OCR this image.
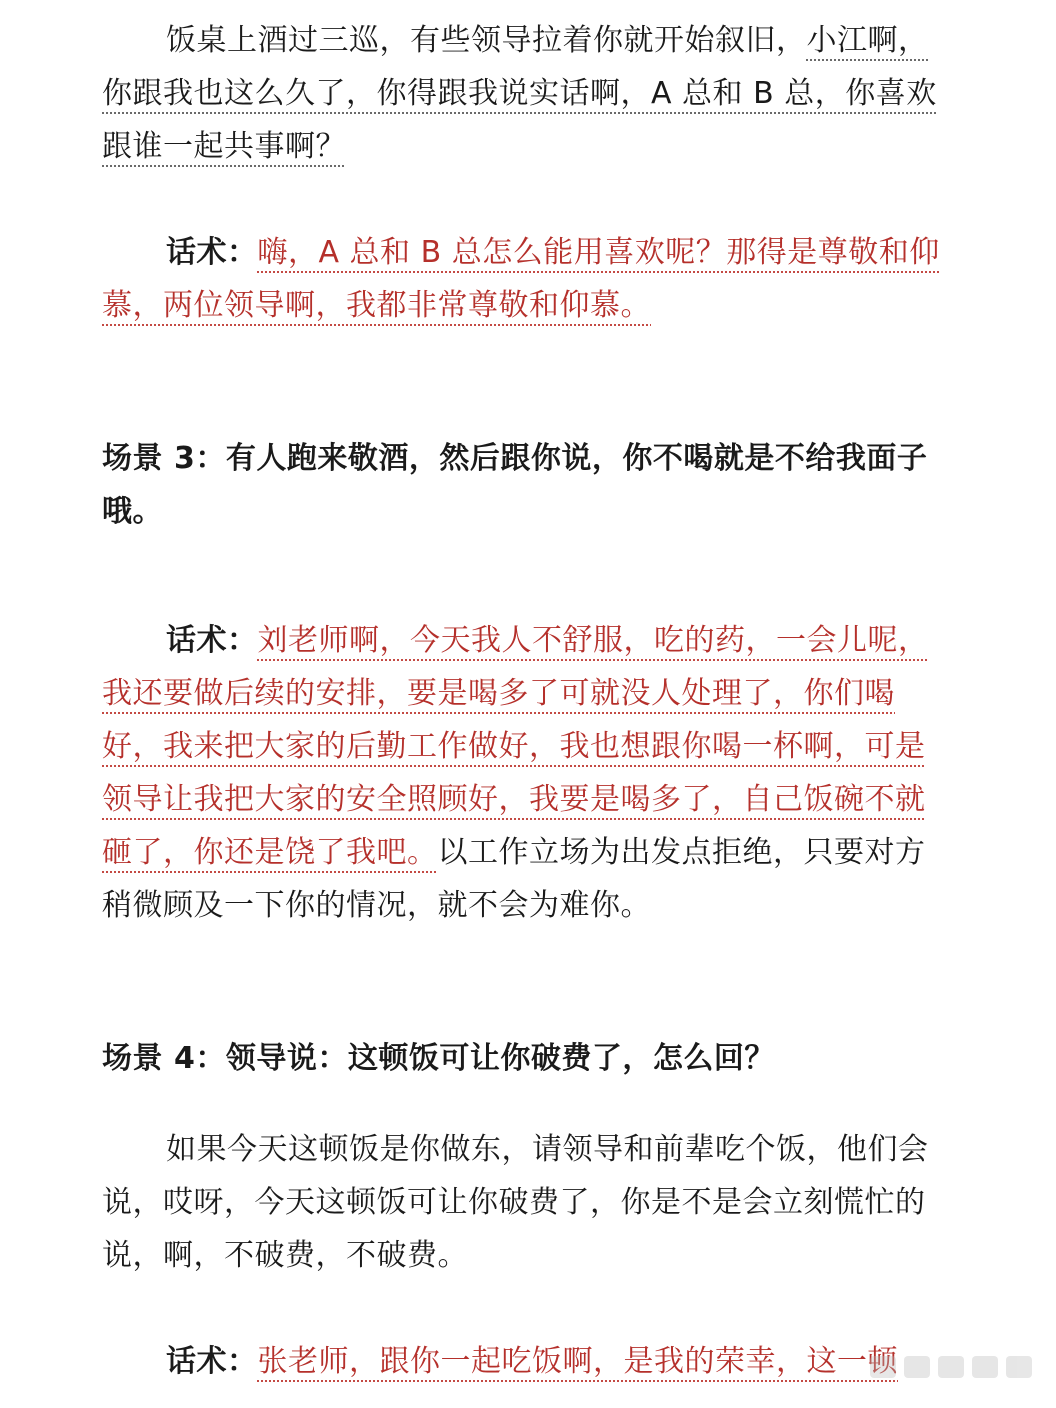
饭桌上酒过三巡，有些领导拉着你就开始叙旧，小江啊，你跟我也这么久了，你得跟我说实话啊，A 总和 B 总，你喜欢跟谁一起共事啊？

话术：嗨，A 总和 B 总怎么能用喜欢呢？那得是尊敬和仰慕，两位领导啊，我都非常尊敬和仰慕。

场景 3：有人跑来敬酒，然后跟你说，你不喝就是不给我面子哦。

话术：刘老师啊，今天我人不舒服，吃的药，一会儿呢，我还要做后续的安排，要是喝多了可就没人处理了，你们喝好，我来把大家的后勤工作做好，我也想跟你喝一杯啊，可是领导让我把大家的安全照顾好，我要是喝多了，自己饭碗不就砸了，你还是饶了我吧。以工作立场为出发点拒绝，只要对方稍微顾及一下你的情况，就不会为难你。

场景 4：领导说：这顿饭可让你破费了，怎么回？

如果今天这顿饭是你做东，请领导和前辈吃个饭，他们会说，哎呀，今天这顿饭可让你破费了，你是不是会立刻慌忙的说，啊，不破费，不破费。

话术：张老师，跟你一起吃饭啊，是我的荣幸，这一顿
